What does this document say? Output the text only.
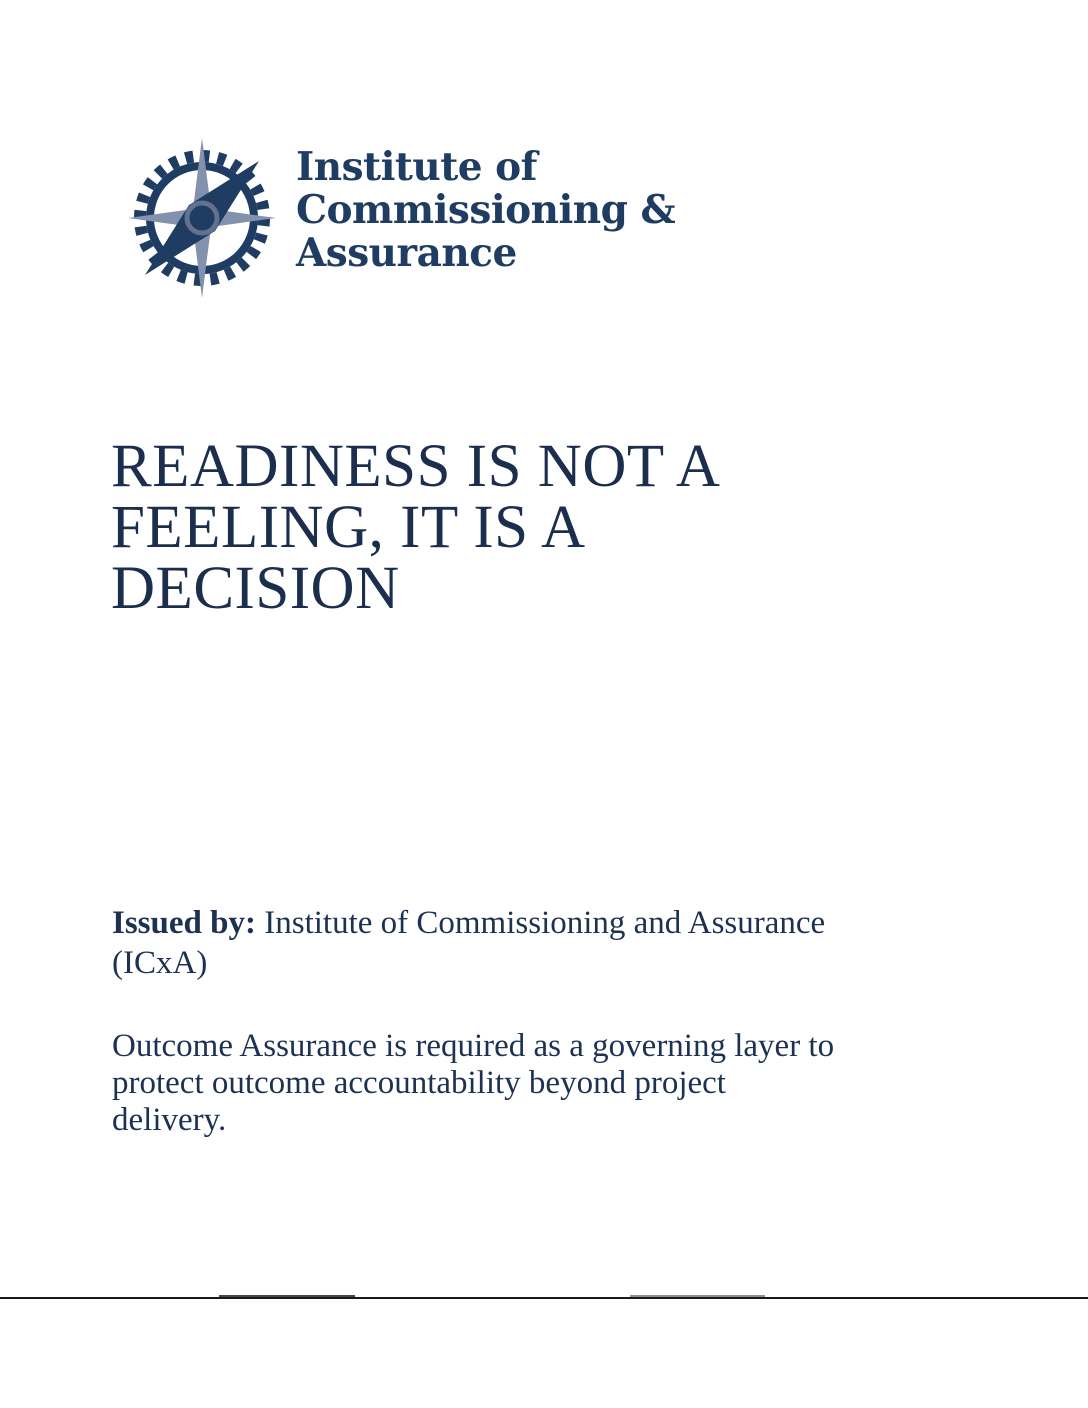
Institute of
Commissioning &
Assurance
READINESS IS NOT A
FEELING, IT IS A
DECISION

Issued by: Institute of Commissioning and Assurance
(ICxA)

Outcome Assurance is required as a governing layer to
protect outcome accountability beyond project
delivery.
